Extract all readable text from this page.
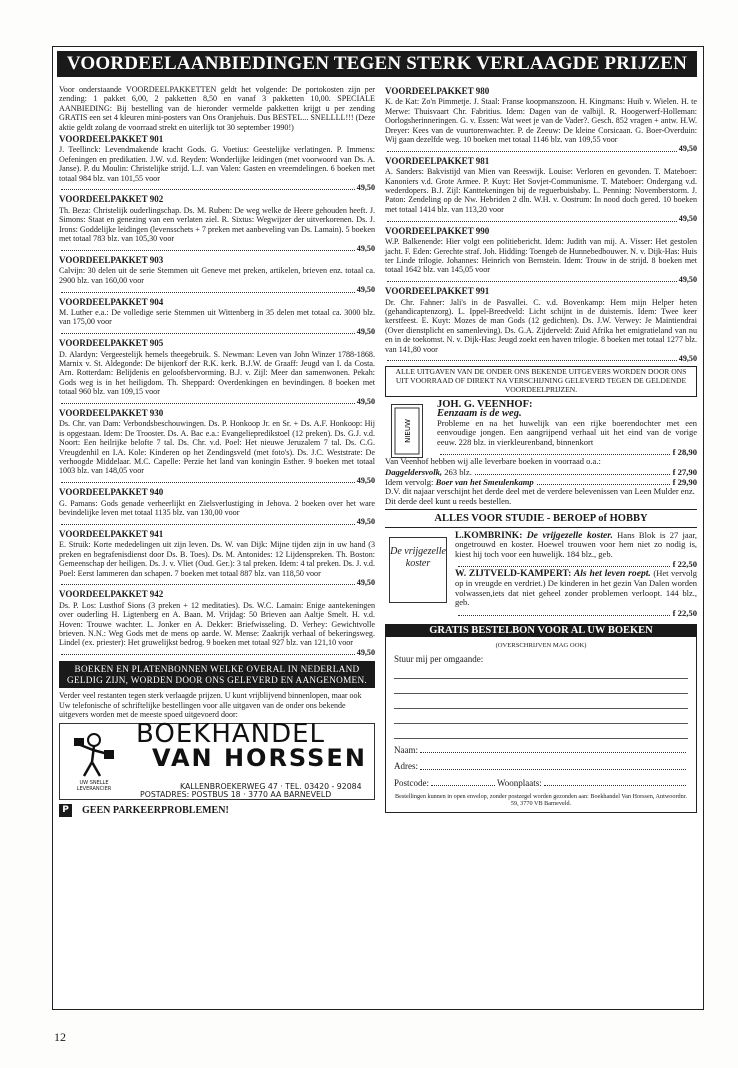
VOORDEELAANBIEDINGEN TEGEN STERK VERLAAGDE PRIJZEN
Voor onderstaande VOORDEELPAKKETTEN geldt het volgende: De portokosten zijn per zending: 1 pakket 6,00, 2 pakketten 8,50 en vanaf 3 pakketten 10,00. SPECIALE AANBIEDING: Bij bestelling van de hieronder vermelde pakketten krijgt u per zending GRATIS een set 4 kleuren mini-posters van Ons Oranjehuis. Dus BESTEL... SNELLLL!!! (Deze aktie geldt zolang de voorraad strekt en uiterlijk tot 30 september 1990!)
VOORDEELPAKKET 901
J. Teellinck: Levendmakende kracht Gods. G. Voetius: Geestelijke verlatingen. P. Immens: Oefeningen en predikatien. J.W. v.d. Reyden: Wonderlijke leidingen (met voorwoord van Ds. A. Janse). P. du Moulin: Christelijke strijd. L.J. van Valen: Gasten en vreemdelingen. 6 boeken met totaal 984 blz. van 101,55 voor
49,50
VOORDEELPAKKET 902
Th. Beza: Christelijk ouderlingschap. Ds. M. Ruben: De weg welke de Heere gehouden heeft. J. Simons: Staat en genezing van een verlaten ziel. R. Sixtus: Wegwijzer der uitverkorenen. Ds. J. Irons: Goddelijke leidingen (levensschets + 7 preken met aanbeveling van Ds. Lamain). 5 boeken met totaal 783 blz. van 105,30 voor
49,50
VOORDEELPAKKET 903
Calvijn: 30 delen uit de serie Stemmen uit Geneve met preken, artikelen, brieven enz. totaal ca. 2900 blz. van 160,00 voor
49,50
VOORDEELPAKKET 904
M. Luther e.a.: De volledige serie Stemmen uit Wittenberg in 35 delen met totaal ca. 3000 blz. van 175,00 voor
49,50
VOORDEELPAKKET 905
D. Alardyn: Vergeestelijk hemels theegebruik. S. Newman: Leven van John Winzer 1788-1868. Marnix v. St. Aldegonde: De bijenkorf der R.K. kerk. B.J.W. de Graaff: Jeugd van I. da Costa. Arn. Rotterdam: Belijdenis en geloofsbervorming. B.J. v. Zijl: Meer dan samenwonen. Pekah: Gods weg is in het heiligdom. Th. Sheppard: Overdenkingen en bevindingen. 8 boeken met totaal 960 blz. van 109,15 voor
49,50
VOORDEELPAKKET 930
Ds. Chr. van Dam: Verbondsbeschouwingen. Ds. P. Honkoop Jr. en Sr. + Ds. A.F. Honkoop: Hij is opgestaan. Idem: De Trooster. Ds. A. Bac e.a.: Evangeliepredikstoel (12 preken). Ds. G.J. v.d. Noort: Een heilrijke belofte 7 tal. Ds. Chr. v.d. Poel: Het nieuwe Jeruzalem 7 tal. Ds. C.G. Vreugdenhil en I.A. Kole: Kinderen op het Zendingsveld (met foto's). Ds. J.C. Weststrate: De verhoogde Middelaar. M.C. Capelle: Perzie het land van koningin Esther. 9 boeken met totaal 1003 blz. van 148,05 voor
49,50
VOORDEELPAKKET 940
G. Pamans: Gods genade verheerlijkt en Zielsverlustiging in Jehova. 2 boeken over het ware bevindelijke leven met totaal 1135 blz. van 130,00 voor
49,50
VOORDEELPAKKET 941
E. Struik: Korte mededelingen uit zijn leven. Ds. W. van Dijk: Mijne tijden zijn in uw hand (3 preken en begrafenisdienst door Ds. B. Toes). Ds. M. Antonides: 12 Lijdenspreken. Th. Boston: Gemeenschap der heiligen. Ds. J. v. Vliet (Oud. Ger.): 3 tal preken. Idem: 4 tal preken. Ds. J. v.d. Poel: Eerst lammeren dan schapen. 7 boeken met totaal 887 blz. van 118,50 voor
49,50
VOORDEELPAKKET 942
Ds. P. Los: Lusthof Sions (3 preken + 12 meditaties). Ds. W.C. Lamain: Enige aantekeningen over ouderling H. Ligtenberg en A. Baan. M. Vrijdag: 50 Brieven aan Aaltje Smelt. H. v.d. Hoven: Trouwe wachter. L. Jonker en A. Dekker: Briefwisseling. D. Verhey: Gewichtvolle brieven. N.N.: Weg Gods met de mens op aarde. W. Mense: Zaakrijk verhaal of bekeringsweg. Lindel (ex. priester): Het gruwelijkst bedrog. 9 boeken met totaal 927 blz. van 121,10 voor
49,50
BOEKEN EN PLATENBONNEN WELKE OVERAL IN NEDERLAND GELDIG ZIJN, WORDEN DOOR ONS GELEVERD EN AANGENOMEN.
Verder veel restanten tegen sterk verlaagde prijzen. U kunt vrijblijvend binnenlopen, maar ook Uw telefonische of schriftelijke bestellingen voor alle uitgaven van de onder ons bekende uitgevers worden met de meeste spoed uitgevoerd door:
BOEKHANDEL
VAN HORSSEN
UW SNELLE LEVERANCIER	KALLENBROEKERWEG 47 · TEL. 03420 - 92084
POSTADRES: POSTBUS 18 · 3770 AA BARNEVELD
P	GEEN PARKEERPROBLEMEN!
VOORDEELPAKKET 980
K. de Kat: Zo'n Pimmetje. J. Staal: Franse koopmanszoon. H. Kingmans: Huib v. Wielen. H. te Merwe: Thuisvaart Chr. Fabritius. Idem: Dagen van de valbijl. R. Hoogerwerf-Holleman: Oorlogsherinneringen. G. v. Essen: Wat weet je van de Vader?. Gesch. 852 vragen + antw. H.W. Dreyer: Kees van de vuurtorenwachter. P. de Zeeuw: De kleine Corsicaan. G. Boer-Overduin: Wij gaan dezelfde weg. 10 boeken met totaal 1146 blz. van 109,55 voor
49,50
VOORDEELPAKKET 981
A. Sanders: Bakvistijd van Mien van Reeswijk. Louise: Verloren en gevonden. T. Mateboer: Kanoniers v.d. Grote Armee. P. Kuyt: Het Sovjet-Communisme. T. Mateboer: Ondergang v.d. wederdopers. B.J. Zijl: Kanttekeningen bij de reguerbuisbaby. L. Penning: Novemberstorm. J. Paton: Zendeling op de Nw. Hebriden 2 dln. W.H. v. Oostrum: In nood doch gered. 10 boeken met totaal 1414 blz. van 113,20 voor
49,50
VOORDEELPAKKET 990
W.P. Balkenende: Hier volgt een politiebericht. Idem: Judith van mij. A. Visser: Het gestolen jacht. F. Eden: Gerechte straf. Joh. Hidding: Toengeb de Hunnebedbouwer. N. v. Dijk-Has: Huis ter Linde trilogie. Johannes: Heinrich von Bernstein. Idem: Trouw in de strijd. 8 boeken met totaal 1642 blz. van 145,05 voor
49,50
VOORDEELPAKKET 991
Dr. Chr. Fahner: Jali's in de Pasvallei. C. v.d. Bovenkamp: Hem mijn Helper heten (gehandicaptenzorg). L. Ippel-Breedveld: Licht schijnt in de duisternis. Idem: Twee keer kerstfeest. E. Kuyt: Mozes de man Gods (12 gedichten). Ds. J.W. Verwey: Je Maintiendrai (Over dienstplicht en samenleving). Ds. G.A. Zijderveld: Zuid Afrika het emigratieland van nu en in de toekomst. N. v. Dijk-Has: Jeugd zoekt een haven trilogie. 8 boeken met totaal 1277 blz. van 141,80 voor
49,50
ALLE UITGAVEN VAN DE ONDER ONS BEKENDE UITGEVERS WORDEN DOOR ONS UIT VOORRAAD OF DIREKT NA VERSCHIJNING GELEVERD TEGEN DE GELDENDE VOORDEELPRIJZEN.
NIEUW
JOH. G. VEENHOF:
Eenzaam is de weg.
Probleme en na het huwelijk van een rijke boerendochter met een eenvoudige jongen. Een aangrijpend verhaal uit het eind van de vorige eeuw. 228 blz. in vierkleurenband, binnenkort
f 28,90
Van Veenhof hebben wij alle leverbare boeken in voorraad o.a.:
Daggeldersvolk,
263 blz.	f 27,90
Idem vervolg:
Boer van het Smeulenkamp	f 29,90
D.V. dit najaar verschijnt het derde deel met de verdere belevenissen van Leen Mulder enz. Dit derde deel kunt u reeds bestellen.
ALLES VOOR STUDIE - BEROEP of HOBBY
De vrijgezelle koster
L.KOMBRINK: De vrijgezelle koster. Hans Blok is 27 jaar, ongetrouwd en koster. Hoewel trouwen voor hem niet zo nodig is, kiest hij toch voor een huwelijk. 184 blz., geb.
f 22,50
W. ZIJTVELD-KAMPERT: Als het leven roept. (Het vervolg op in vreugde en verdriet.) De kinderen in het gezin Van Dalen worden volwassen,iets dat niet geheel zonder problemen verloopt. 144 blz., geb.
f 22,50
GRATIS BESTELBON VOOR AL UW BOEKEN
(OVERSCHRIJVEN MAG OOK)
Stuur mij per omgaande:
Naam:
Adres:
Postcode:	Woonplaats:
Bestellingen kunnen in open envelop, zonder postzegel worden gezonden aan: Boekhandel Van Horssen, Antwoordnr. 59, 3770 VB Barneveld.
12
